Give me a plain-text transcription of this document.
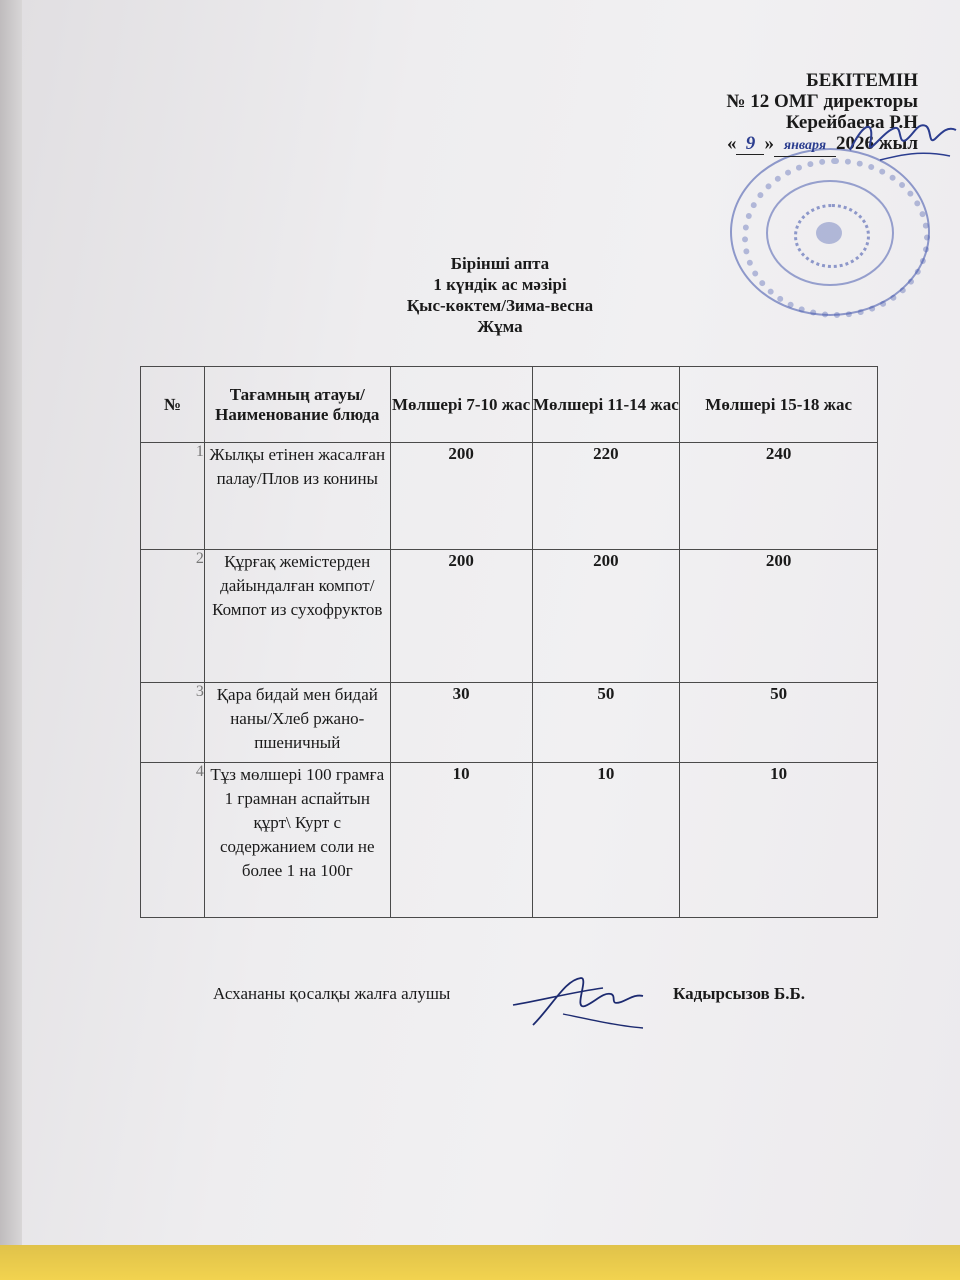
БЕКІТЕМІН
№ 12 ОМГ директоры
Керейбаева Р.Н
« 9 » января 2026 жыл
Бірінші апта
1 күндік ас мәзірі
Қыс-көктем/Зима-весна
Жұма
№	Тағамның атауы/ Наименование блюда	Мөлшері 7-10 жас	Мөлшері 11-14 жас	Мөлшері 15-18 жас
1	Жылқы етінен жасалған палау/Плов из конины	200	220	240
2	Құрғақ жемістерден дайындалған компот/Компот из сухофруктов	200	200	200
3	Қара бидай мен бидай наны/Хлеб ржано-пшеничный	30	50	50
4	Тұз мөлшері 100 грамға 1 грамнан аспайтын құрт\ Курт с содержанием соли не более 1 на 100г	10	10	10
Асхананы қосалқы жалға алушы	Кадырсызов Б.Б.
